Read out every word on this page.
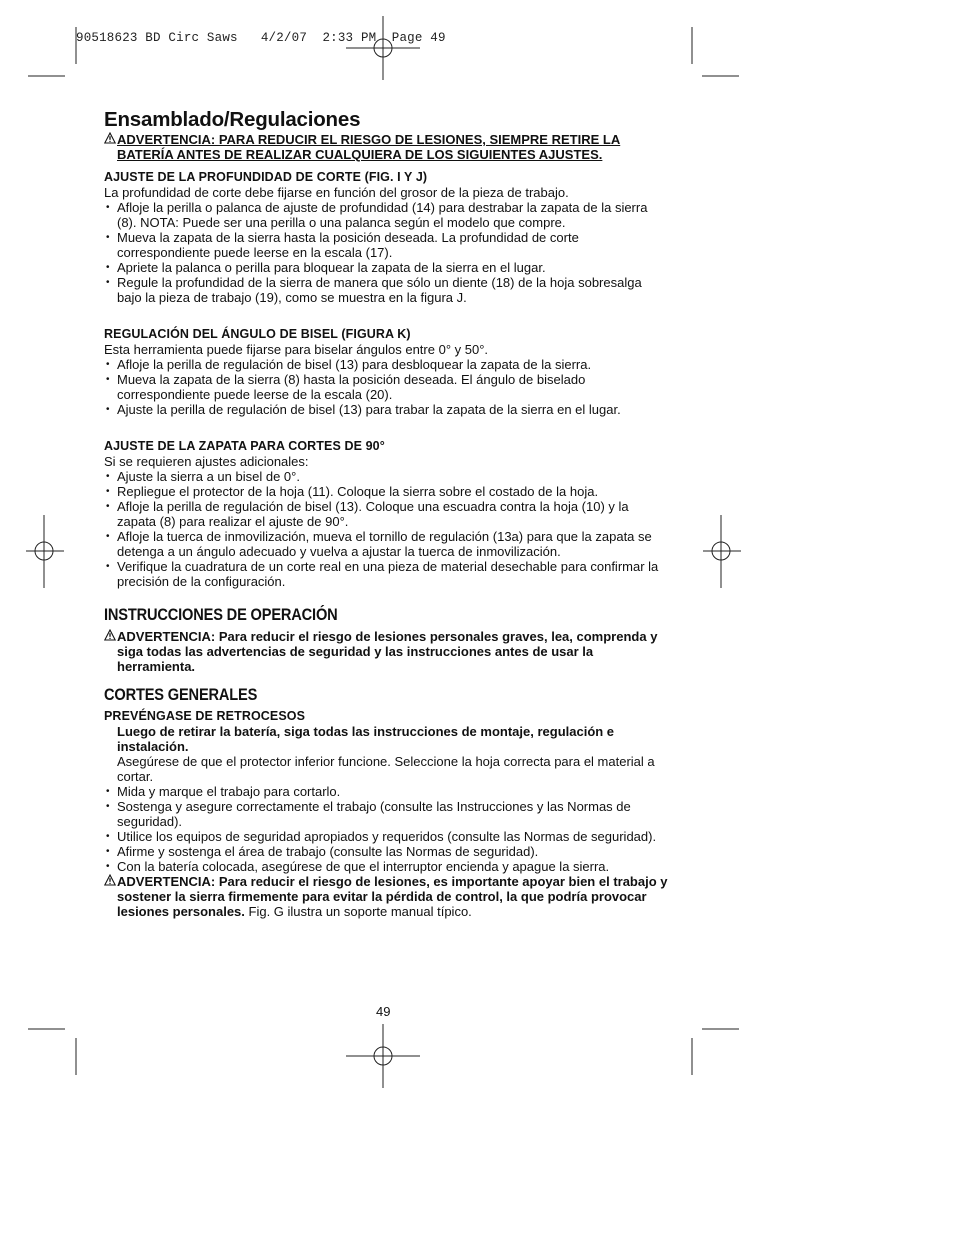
90518623 BD Circ Saws   4/2/07  2:33 PM  Page 49
Ensamblado/Regulaciones

ADVERTENCIA: PARA REDUCIR EL RIESGO DE LESIONES, SIEMPRE RETIRE LA BATERÍA ANTES DE REALIZAR CUALQUIERA DE LOS SIGUIENTES AJUSTES.

AJUSTE DE LA PROFUNDIDAD DE CORTE (FIG. I Y J)

La profundidad de corte debe fijarse en función del grosor de la pieza de trabajo.

• Afloje la perilla o palanca de ajuste de profundidad (14) para destrabar la zapata de la sierra (8). NOTA: Puede ser una perilla o una palanca según el modelo que compre.
• Mueva la zapata de la sierra hasta la posición deseada. La profundidad de corte correspondiente puede leerse en la escala (17).
• Apriete la palanca o perilla para bloquear la zapata de la sierra en el lugar.
• Regule la profundidad de la sierra de manera que sólo un diente (18) de la hoja sobresalga bajo la pieza de trabajo (19), como se muestra en la figura J.

REGULACIÓN DEL ÁNGULO DE BISEL (FIGURA K)

Esta herramienta puede fijarse para biselar ángulos entre 0° y 50°.

• Afloje la perilla de regulación de bisel (13) para desbloquear la zapata de la sierra.
• Mueva la zapata de la sierra (8) hasta la posición deseada. El ángulo de biselado correspondiente puede leerse de la escala (20).
• Ajuste la perilla de regulación de bisel (13) para trabar la zapata de la sierra en el lugar.

AJUSTE DE LA ZAPATA PARA CORTES DE 90°

Si se requieren ajustes adicionales:

• Ajuste la sierra a un bisel de 0°.
• Repliegue el protector de la hoja (11). Coloque la sierra sobre el costado de la hoja.
• Afloje la perilla de regulación de bisel (13). Coloque una escuadra contra la hoja (10) y la zapata (8) para realizar el ajuste de 90°.
• Afloje la tuerca de inmovilización, mueva el tornillo de regulación (13a) para que la zapata se detenga a un ángulo adecuado y vuelva a ajustar la tuerca de inmovilización.
• Verifique la cuadratura de un corte real en una pieza de material desechable para confirmar la precisión de la configuración.

INSTRUCCIONES DE OPERACIÓN

ADVERTENCIA: Para reducir el riesgo de lesiones personales graves, lea, comprenda y siga todas las advertencias de seguridad y las instrucciones antes de usar la herramienta.

CORTES GENERALES

PREVÉNGASE DE RETROCESOS

Luego de retirar la batería, siga todas las instrucciones de montaje, regulación e instalación.

Asegúrese de que el protector inferior funcione. Seleccione la hoja correcta para el material a cortar.

• Mida y marque el trabajo para cortarlo.
• Sostenga y asegure correctamente el trabajo (consulte las Instrucciones y las Normas de seguridad).
• Utilice los equipos de seguridad apropiados y requeridos (consulte las Normas de seguridad).
• Afirme y sostenga el área de trabajo (consulte las Normas de seguridad).
• Con la batería colocada, asegúrese de que el interruptor encienda y apague la sierra.

ADVERTENCIA: Para reducir el riesgo de lesiones, es importante apoyar bien el trabajo y sostener la sierra firmemente para evitar la pérdida de control, la que podría provocar lesiones personales. Fig. G ilustra un soporte manual típico.

49
